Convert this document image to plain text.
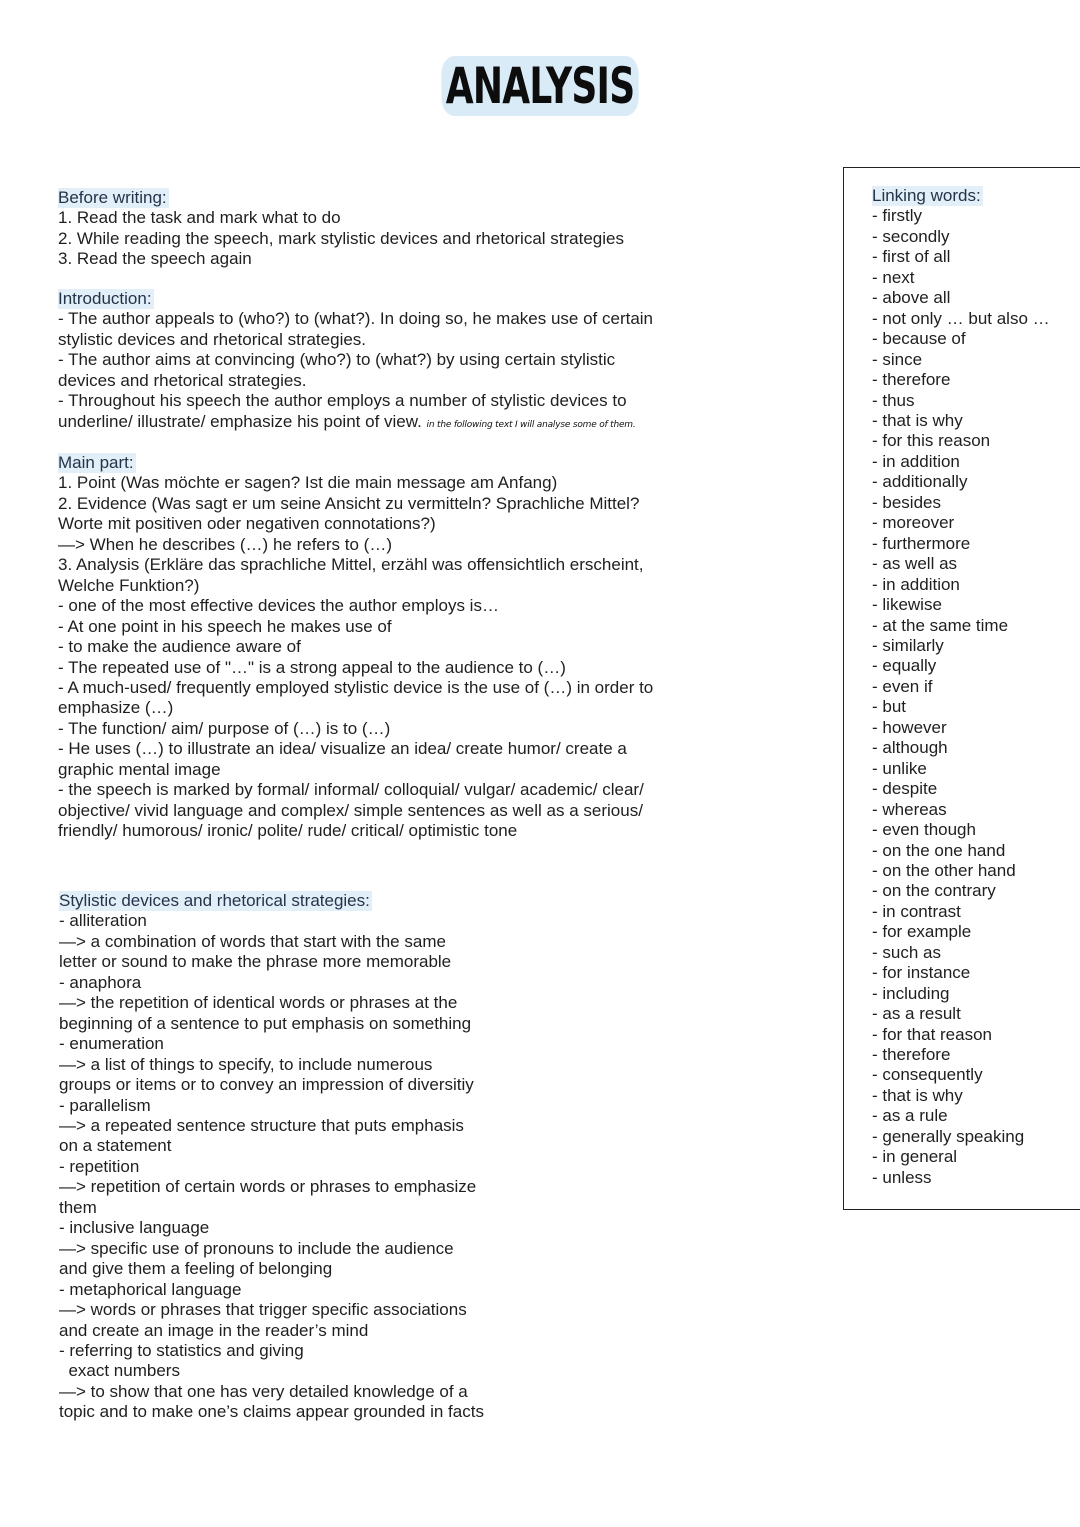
ANALYSIS
Before writing:
1. Read the task and mark what to do
2. While reading the speech, mark stylistic devices and rhetorical strategies
3. Read the speech again
Introduction:
- The author appeals to (who?) to (what?). In doing so, he makes use of certain
stylistic devices and rhetorical strategies.
- The author aims at convincing (who?) to (what?) by using certain stylistic
devices and rhetorical strategies.
- Throughout his speech the author employs a number of stylistic devices to
underline/ illustrate/ emphasize his point of view. in the following text I will analyse some of them.
Main part:
1. Point (Was möchte er sagen? Ist die main message am Anfang)
2. Evidence (Was sagt er um seine Ansicht zu vermitteln? Sprachliche Mittel?
Worte mit positiven oder negativen connotations?)
—> When he describes (…) he refers to (…)
3. Analysis (Erkläre das sprachliche Mittel, erzähl was offensichtlich erscheint,
Welche Funktion?)
- one of the most effective devices the author employs is…
- At one point in his speech he makes use of
- to make the audience aware of
- The repeated use of "…" is a strong appeal to the audience to (…)
- A much-used/ frequently employed stylistic device is the use of (…) in order to
emphasize (…)
- The function/ aim/ purpose of (…) is to (…)
- He uses (…) to illustrate an idea/ visualize an idea/ create humor/ create a
graphic mental image
- the speech is marked by formal/ informal/ colloquial/ vulgar/ academic/ clear/
objective/ vivid language and complex/ simple sentences as well as a serious/
friendly/ humorous/ ironic/ polite/ rude/ critical/ optimistic tone
Stylistic devices and rhetorical strategies:
- alliteration
—> a combination of words that start with the same
letter or sound to make the phrase more memorable
- anaphora
—> the repetition of identical words or phrases at the
beginning of a sentence to put emphasis on something
- enumeration
—> a list of things to specify, to include numerous
groups or items or to convey an impression of diversitiy
- parallelism
—> a repeated sentence structure that puts emphasis
on a statement
- repetition
—> repetition of certain words or phrases to emphasize
them
- inclusive language
—> specific use of pronouns to include the audience
and give them a feeling of belonging
- metaphorical language
—> words or phrases that trigger specific associations
and create an image in the reader’s mind
- referring to statistics and giving
exact numbers
—> to show that one has very detailed knowledge of a
topic and to make one’s claims appear grounded in facts
Linking words:
- firstly
- secondly
- first of all
- next
- above all
- not only … but also …
- because of
- since
- therefore
- thus
- that is why
- for this reason
- in addition
- additionally
- besides
- moreover
- furthermore
- as well as
- in addition
- likewise
- at the same time
- similarly
- equally
- even if
- but
- however
- although
- unlike
- despite
- whereas
- even though
- on the one hand
- on the other hand
- on the contrary
- in contrast
- for example
- such as
- for instance
- including
- as a result
- for that reason
- therefore
- consequently
- that is why
- as a rule
- generally speaking
- in general
- unless
